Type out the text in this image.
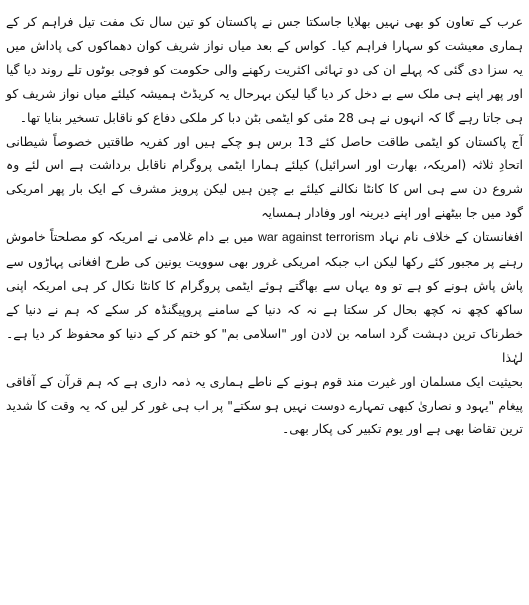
عرب کے تعاون کو بھی نہیں بھلایا جاسکتا جس نے پاکستان کو تین سال تک مفت تیل فراہم کر کے ہماری معیشت کو سہارا فراہم کیا۔ کواس کے بعد میاں نواز شریف کوان دھماکوں کی پاداش میں یہ سزا دی گئی کہ پہلے ان کی دو تہائی اکثریت رکھنے والی حکومت کو فوجی بوٹوں تلے روند دیا گیا اور پھر اپنے ہی ملک سے بے دخل کر دیا گیا لیکن بہرحال یہ کریڈٹ ہمیشہ کیلئے میاں نواز شریف کو ہی جاتا رہے گا کہ انہوں نے ہی 28 مئی کو ایٹمی بٹن دبا کر ملکی دفاع کو ناقابل تسخیر بنایا تھا۔

آج پاکستان کو ایٹمی طاقت حاصل کئے 13 برس ہو چکے ہیں اور کفریہ طاقتیں خصوصاً شیطانی اتحادِ ثلاثہ (امریکہ، بھارت اور اسرائیل) کیلئے ہمارا ایٹمی پروگرام ناقابل برداشت ہے اس لئے وہ شروع دن سے ہی اس کا کانٹا نکالنے کیلئے بے چین ہیں لیکن پرویز مشرف کے ایک بار پھر امریکی گود میں جا بیٹھنے اور اپنے دیرینہ اور وفادار ہمسایہ

افغانستان کے خلاف نام نہاد war against terrorism میں بے دام غلامی نے امریکہ کو مصلحتاً خاموش رہنے پر مجبور کئے رکھا لیکن اب جبکہ امریکی غرور بھی سوویت یونین کی طرح افغانی پہاڑوں سے پاش پاش ہونے کو ہے تو وہ یہاں سے بھاگتے ہوئے ایٹمی پروگرام کا کانٹا نکال کر ہی امریکہ اپنی ساکھ کچھ نہ کچھ بحال کر سکتا ہے نہ کہ دنیا کے سامنے پروپیگنڈہ کر سکے کہ ہم نے دنیا کے خطرناک ترین دہشت گرد اسامہ بن لادن اور "اسلامی بم" کو ختم کر کے دنیا کو محفوظ کر دیا ہے۔ لہٰذا

بحیثیت ایک مسلمان اور غیرت مند قوم ہونے کے ناطے ہماری یہ ذمہ داری ہے کہ ہم قرآن کے آفاقی پیغام "یہود و نصاریٰ کبھی تمہارے دوست نہیں ہو سکتے" پر اب ہی غور کر لیں کہ یہ وقت کا شدید ترین تقاضا بھی ہے اور یوم تکبیر کی پکار بھی۔
